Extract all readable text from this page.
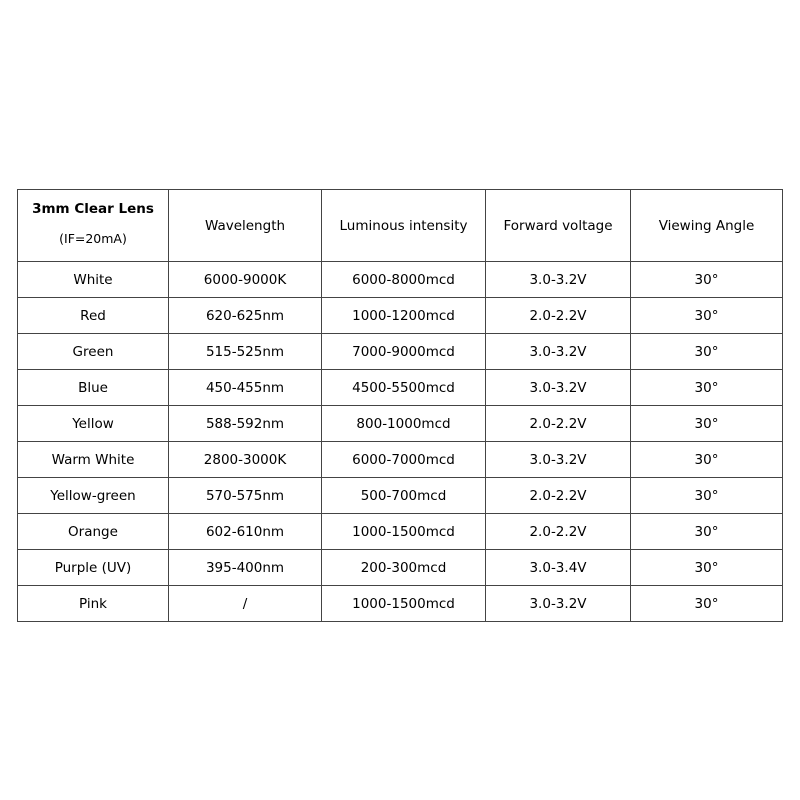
3mm Clear Lens
(IF=20mA)	Wavelength	Luminous intensity	Forward voltage	Viewing Angle
White	6000-9000K	6000-8000mcd	3.0-3.2V	30°
Red	620-625nm	1000-1200mcd	2.0-2.2V	30°
Green	515-525nm	7000-9000mcd	3.0-3.2V	30°
Blue	450-455nm	4500-5500mcd	3.0-3.2V	30°
Yellow	588-592nm	800-1000mcd	2.0-2.2V	30°
Warm White	2800-3000K	6000-7000mcd	3.0-3.2V	30°
Yellow-green	570-575nm	500-700mcd	2.0-2.2V	30°
Orange	602-610nm	1000-1500mcd	2.0-2.2V	30°
Purple (UV)	395-400nm	200-300mcd	3.0-3.4V	30°
Pink	/	1000-1500mcd	3.0-3.2V	30°
